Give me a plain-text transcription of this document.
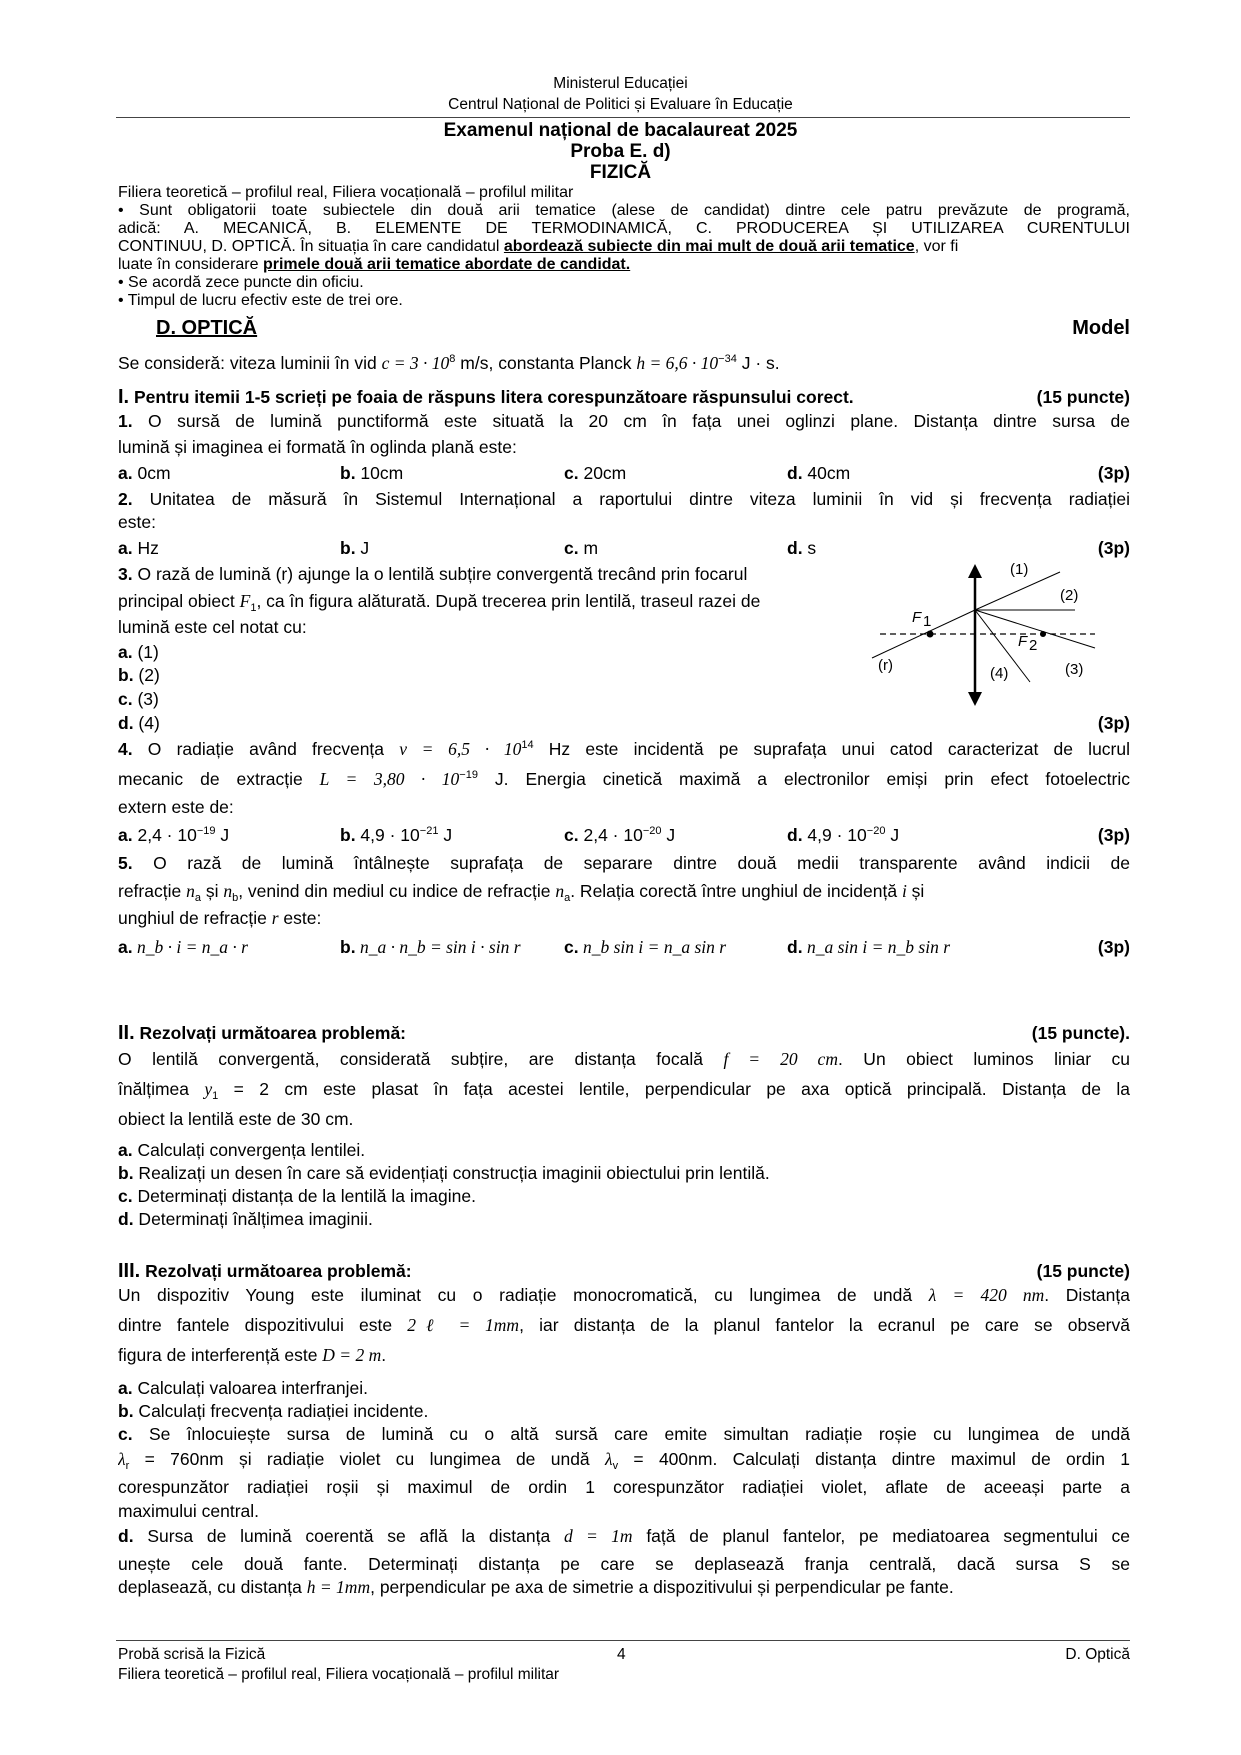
Ministerul Educației
Centrul Național de Politici și Evaluare în Educație
Examenul național de bacalaureat 2025
Proba E. d)
FIZICĂ
Filiera teoretică – profilul real, Filiera vocațională – profilul militar
• Sunt obligatorii toate subiectele din două arii tematice (alese de candidat) dintre cele patru prevăzute de programă,
adică: A. MECANICĂ, B. ELEMENTE DE TERMODINAMICĂ, C. PRODUCEREA ȘI UTILIZAREA CURENTULUI
CONTINUU, D. OPTICĂ. În situația în care candidatul abordează subiecte din mai mult de două arii tematice, vor fi
luate în considerare primele două arii tematice abordate de candidat.
• Se acordă zece puncte din oficiu.
• Timpul de lucru efectiv este de trei ore.
D. OPTICĂ	Model
Se consideră: viteza luminii în vid $c = 3 \cdot 10^8$ m/s, constanta Planck $h = 6,6 \cdot 10^{-34}$ J · s.
I. Pentru itemii 1-5 scrieți pe foaia de răspuns litera corespunzătoare răspunsului corect.	(15 puncte)
1. O sursă de lumină punctiformă este situată la 20 cm în fața unei oglinzi plane. Distanța dintre sursa de
lumină și imaginea ei formată în oglinda plană este:
a. 0cm	b. 10cm	c. 20cm	d. 40cm	(3p)
2. Unitatea de măsură în Sistemul Internațional a raportului dintre viteza luminii în vid și frecvența radiației
este:
a. Hz	b. J	c. m	d. s	(3p)
3. O rază de lumină (r) ajunge la o lentilă subțire convergentă trecând prin focarul
principal obiect $F_1$, ca în figura alăturată. După trecerea prin lentilă, traseul razei de
lumină este cel notat cu:
a. (1)
b. (2)
c. (3)
d. (4)	(3p)
(1)
(2)
(3)
(4)
(r)
F 1
F 2
4. O radiație având frecvența $\nu = 6,5 \cdot 10^{14}$ Hz este incidentă pe suprafața unui catod caracterizat de lucrul
mecanic de extracție $L = 3,80 \cdot 10^{-19}$ J. Energia cinetică maximă a electronilor emiși prin efect fotoelectric
extern este de:
a. $2,4 \cdot 10^{-19}$ J	b. $4,9 \cdot 10^{-21}$ J	c. $2,4 \cdot 10^{-20}$ J	d. $4,9 \cdot 10^{-20}$ J	(3p)
5. O rază de lumină întâlnește suprafața de separare dintre două medii transparente având indicii de
refracție $n_a$ și $n_b$, venind din mediul cu indice de refracție $n_a$. Relația corectă între unghiul de incidență i și
unghiul de refracție r este:
a. n_b · i = n_a · r	b. n_a · n_b = sin i · sin r c. n_b sin i = n_a sin r	d. n_a sin i = n_b sin r	(3p)
II. Rezolvați următoarea problemă:	(15 puncte).
O lentilă convergentă, considerată subțire, are distanța focală f = 20 cm. Un obiect luminos liniar cu
înălțimea $y_1 = 2$ cm este plasat în fața acestei lentile, perpendicular pe axa optică principală. Distanța de la
obiect la lentilă este de 30 cm.
a. Calculați convergența lentilei.
b. Realizați un desen în care să evidențiați construcția imaginii obiectului prin lentilă.
c. Determinați distanța de la lentilă la imagine.
d. Determinați înălțimea imaginii.
III. Rezolvați următoarea problemă:	(15 puncte)
Un dispozitiv Young este iluminat cu o radiație monocromatică, cu lungimea de undă λ = 420 nm. Distanța
dintre fantele dispozitivului este 2ℓ = 1mm, iar distanța de la planul fantelor la ecranul pe care se observă
figura de interferență este D = 2 m.
a. Calculați valoarea interfranjei.
b. Calculați frecvența radiației incidente.
c. Se înlocuiește sursa de lumină cu o altă sursă care emite simultan radiație roșie cu lungimea de undă
$\lambda_r = 760nm$ și radiație violet cu lungimea de undă $\lambda_v = 400nm$. Calculați distanța dintre maximul de ordin 1
corespunzător radiației roșii și maximul de ordin 1 corespunzător radiației violet, aflate de aceeași parte a
maximului central.
d. Sursa de lumină coerentă se află la distanța d = 1m față de planul fantelor, pe mediatoarea segmentului ce
unește cele două fante. Determinați distanța pe care se deplasează franja centrală, dacă sursa S se
deplasează, cu distanța h = 1mm, perpendicular pe axa de simetrie a dispozitivului și perpendicular pe fante.
Probă scrisă la Fizică	4	D. Optică
Filiera teoretică – profilul real, Filiera vocațională – profilul militar
